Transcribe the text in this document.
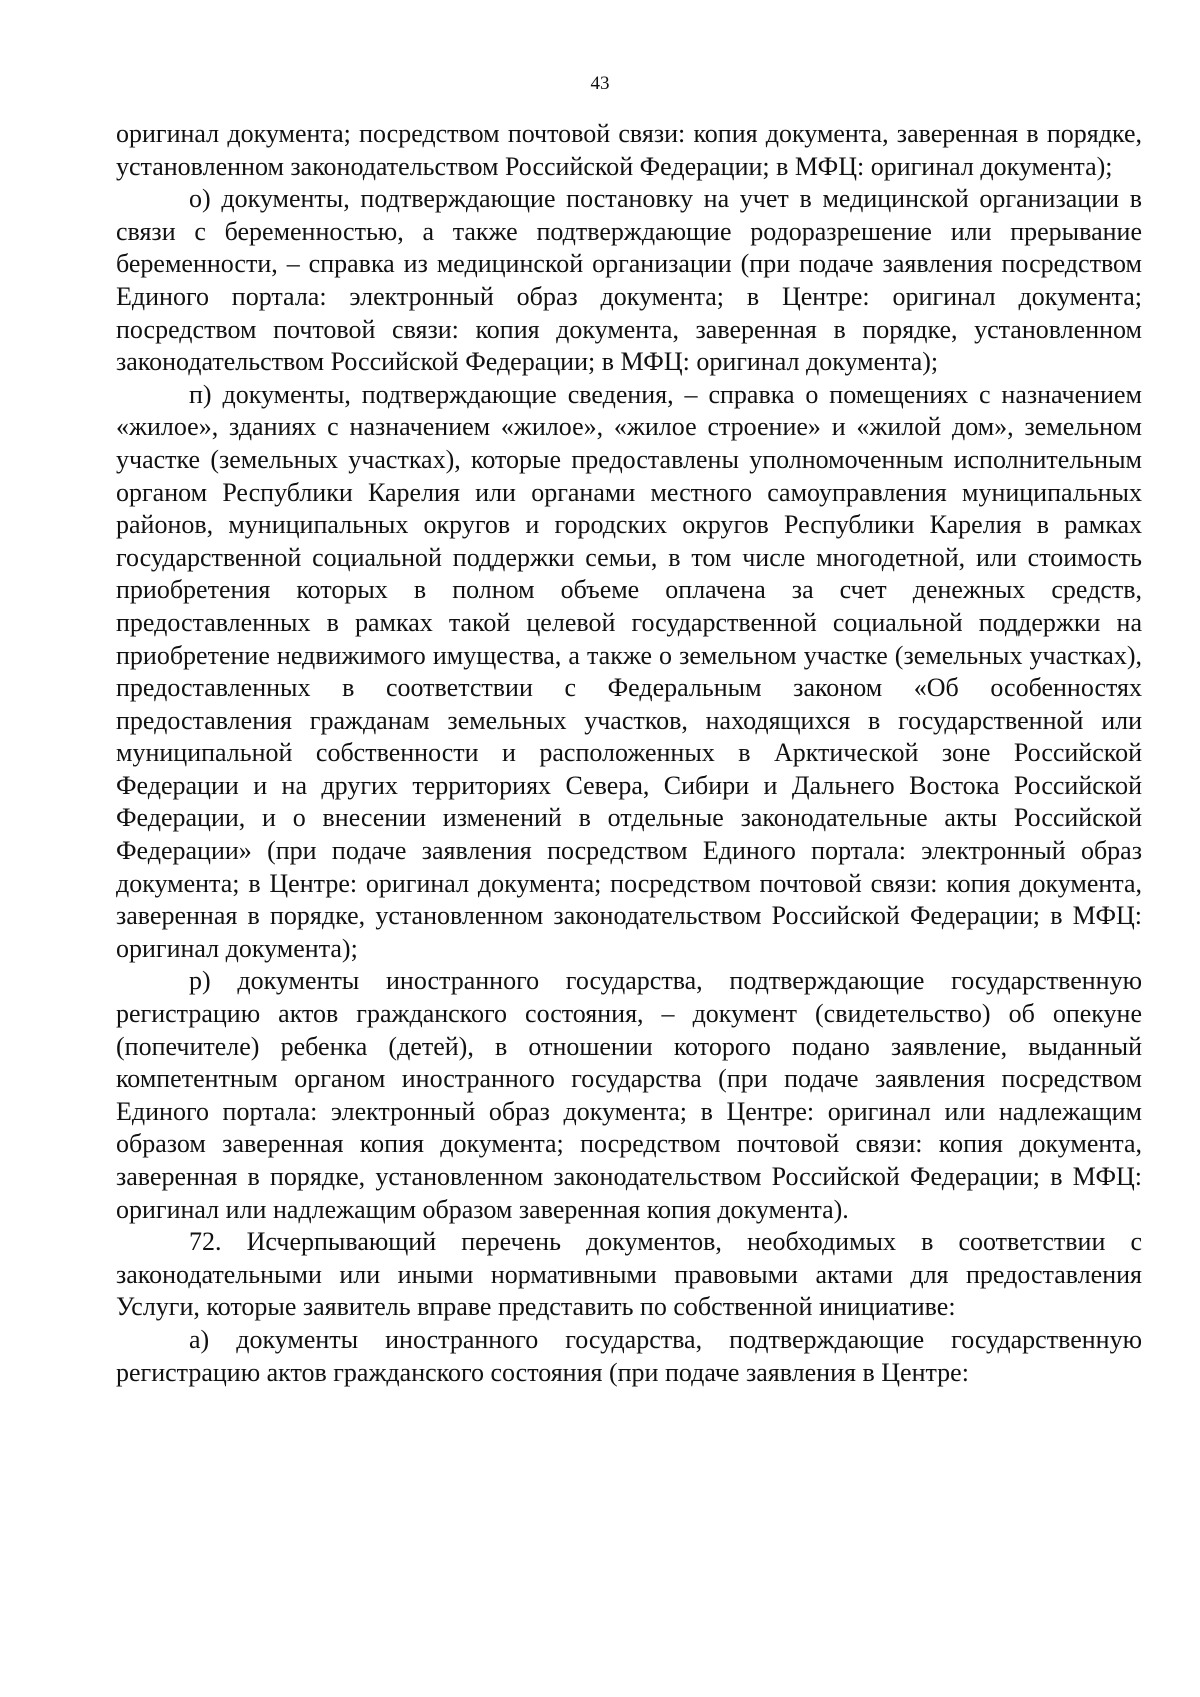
43

оригинал документа; посредством почтовой связи: копия документа, заверенная в порядке, установленном законодательством Российской Федерации; в МФЦ: оригинал документа);

о) документы, подтверждающие постановку на учет в медицинской организации в связи с беременностью, а также подтверждающие родоразрешение или прерывание беременности, – справка из медицинской организации (при подаче заявления посредством Единого портала: электронный образ документа; в Центре: оригинал документа; посредством почтовой связи: копия документа, заверенная в порядке, установленном законодательством Российской Федерации; в МФЦ: оригинал документа);

п) документы, подтверждающие сведения, – справка о помещениях с назначением «жилое», зданиях с назначением «жилое», «жилое строение» и «жилой дом», земельном участке (земельных участках), которые предоставлены уполномоченным исполнительным органом Республики Карелия или органами местного самоуправления муниципальных районов, муниципальных округов и городских округов Республики Карелия в рамках государственной социальной поддержки семьи, в том числе многодетной, или стоимость приобретения которых в полном объеме оплачена за счет денежных средств, предоставленных в рамках такой целевой государственной социальной поддержки на приобретение недвижимого имущества, а также о земельном участке (земельных участках), предоставленных в соответствии с Федеральным законом «Об особенностях предоставления гражданам земельных участков, находящихся в государственной или муниципальной собственности и расположенных в Арктической зоне Российской Федерации и на других территориях Севера, Сибири и Дальнего Востока Российской Федерации, и о внесении изменений в отдельные законодательные акты Российской Федерации» (при подаче заявления посредством Единого портала: электронный образ документа; в Центре: оригинал документа; посредством почтовой связи: копия документа, заверенная в порядке, установленном законодательством Российской Федерации; в МФЦ: оригинал документа);

р) документы иностранного государства, подтверждающие государственную регистрацию актов гражданского состояния, – документ (свидетельство) об опекуне (попечителе) ребенка (детей), в отношении которого подано заявление, выданный компетентным органом иностранного государства (при подаче заявления посредством Единого портала: электронный образ документа; в Центре: оригинал или надлежащим образом заверенная копия документа; посредством почтовой связи: копия документа, заверенная в порядке, установленном законодательством Российской Федерации; в МФЦ: оригинал или надлежащим образом заверенная копия документа).

72. Исчерпывающий перечень документов, необходимых в соответствии с законодательными или иными нормативными правовыми актами для предоставления Услуги, которые заявитель вправе представить по собственной инициативе:

а) документы иностранного государства, подтверждающие государственную регистрацию актов гражданского состояния (при подаче заявления в Центре:
